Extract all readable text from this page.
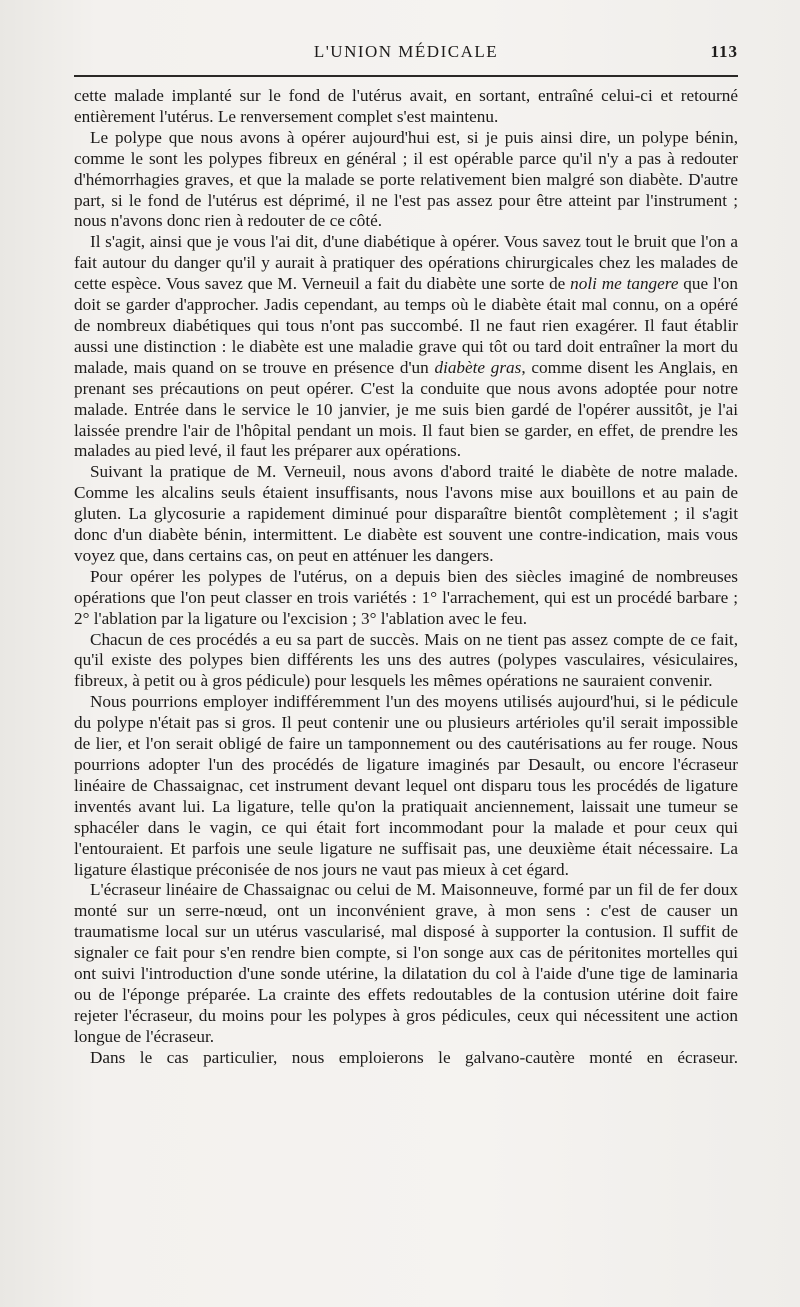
L'UNION MÉDICALE	113

cette malade implanté sur le fond de l'utérus avait, en sortant, entraîné celui-ci et retourné entièrement l'utérus. Le renversement complet s'est maintenu.

Le polype que nous avons à opérer aujourd'hui est, si je puis ainsi dire, un polype bénin, comme le sont les polypes fibreux en général ; il est opérable parce qu'il n'y a pas à redouter d'hémorrhagies graves, et que la malade se porte relativement bien malgré son diabète. D'autre part, si le fond de l'utérus est déprimé, il ne l'est pas assez pour être atteint par l'instrument ; nous n'avons donc rien à redouter de ce côté.

Il s'agit, ainsi que je vous l'ai dit, d'une diabétique à opérer. Vous savez tout le bruit que l'on a fait autour du danger qu'il y aurait à pratiquer des opérations chirurgicales chez les malades de cette espèce. Vous savez que M. Verneuil a fait du diabète une sorte de noli me tangere que l'on doit se garder d'approcher. Jadis cependant, au temps où le diabète était mal connu, on a opéré de nombreux diabétiques qui tous n'ont pas succombé. Il ne faut rien exagérer. Il faut établir aussi une distinction : le diabète est une maladie grave qui tôt ou tard doit entraîner la mort du malade, mais quand on se trouve en présence d'un diabète gras, comme disent les Anglais, en prenant ses précautions on peut opérer. C'est la conduite que nous avons adoptée pour notre malade. Entrée dans le service le 10 janvier, je me suis bien gardé de l'opérer aussitôt, je l'ai laissée prendre l'air de l'hôpital pendant un mois. Il faut bien se garder, en effet, de prendre les malades au pied levé, il faut les préparer aux opérations.

Suivant la pratique de M. Verneuil, nous avons d'abord traité le diabète de notre malade. Comme les alcalins seuls étaient insuffisants, nous l'avons mise aux bouillons et au pain de gluten. La glycosurie a rapidement diminué pour disparaître bientôt complètement ; il s'agit donc d'un diabète bénin, intermittent. Le diabète est souvent une contre-indication, mais vous voyez que, dans certains cas, on peut en atténuer les dangers.

Pour opérer les polypes de l'utérus, on a depuis bien des siècles imaginé de nombreuses opérations que l'on peut classer en trois variétés : 1° l'arrachement, qui est un procédé barbare ; 2° l'ablation par la ligature ou l'excision ; 3° l'ablation avec le feu.

Chacun de ces procédés a eu sa part de succès. Mais on ne tient pas assez compte de ce fait, qu'il existe des polypes bien différents les uns des autres (polypes vasculaires, vésiculaires, fibreux, à petit ou à gros pédicule) pour lesquels les mêmes opérations ne sauraient convenir.

Nous pourrions employer indifféremment l'un des moyens utilisés aujourd'hui, si le pédicule du polype n'était pas si gros. Il peut contenir une ou plusieurs artérioles qu'il serait impossible de lier, et l'on serait obligé de faire un tamponnement ou des cautérisations au fer rouge. Nous pourrions adopter l'un des procédés de ligature imaginés par Desault, ou encore l'écraseur linéaire de Chassaignac, cet instrument devant lequel ont disparu tous les procédés de ligature inventés avant lui. La ligature, telle qu'on la pratiquait anciennement, laissait une tumeur se sphacéler dans le vagin, ce qui était fort incommodant pour la malade et pour ceux qui l'entouraient. Et parfois une seule ligature ne suffisait pas, une deuxième était nécessaire. La ligature élastique préconisée de nos jours ne vaut pas mieux à cet égard.

L'écraseur linéaire de Chassaignac ou celui de M. Maisonneuve, formé par un fil de fer doux monté sur un serre-nœud, ont un inconvénient grave, à mon sens : c'est de causer un traumatisme local sur un utérus vascularisé, mal disposé à supporter la contusion. Il suffit de signaler ce fait pour s'en rendre bien compte, si l'on songe aux cas de péritonites mortelles qui ont suivi l'introduction d'une sonde utérine, la dilatation du col à l'aide d'une tige de laminaria ou de l'éponge préparée. La crainte des effets redoutables de la contusion utérine doit faire rejeter l'écraseur, du moins pour les polypes à gros pédicules, ceux qui nécessitent une action longue de l'écraseur.

Dans le cas particulier, nous emploierons le galvano-cautère monté en écraseur.
